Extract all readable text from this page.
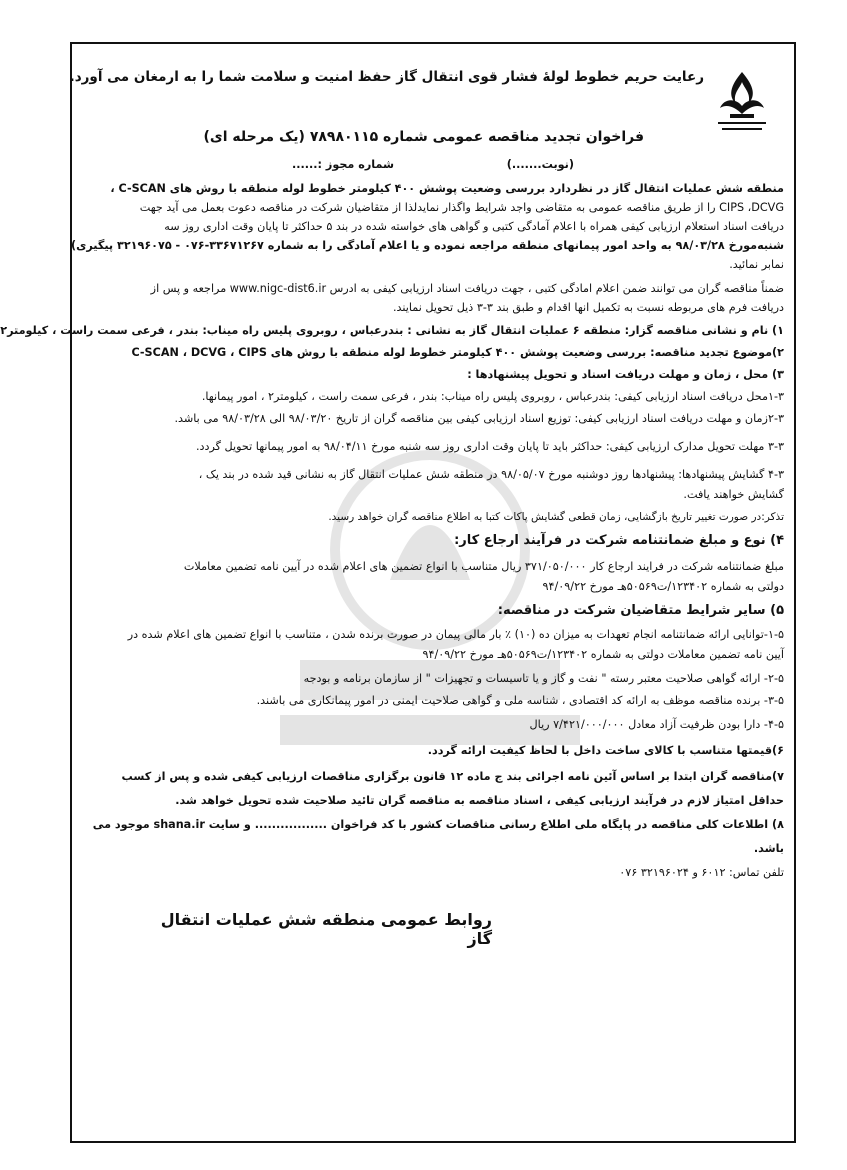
رعایت حریم خطوط لولۀ فشار قوی انتقال گاز حفظ امنیت و سلامت شما را به ارمغان می آورد.
فراخوان تجدید مناقصه عمومی شماره ۷۸۹۸۰۱۱۵ (یک مرحله ای)
(نوبت.......)
شماره مجوز :......
منطقه شش عملیات انتقال گاز در نظردارد بررسی وضعیت پوشش ۴۰۰ کیلومتر خطوط لوله منطقه با روش های C-SCAN ،
CIPS ،DCVG را از طریق مناقصه عمومی به متقاضی واجد شرایط واگذار نمایدلذا از متقاضیان شرکت در مناقصه دعوت بعمل می آید جهت
دریافت اسناد استعلام ارزیابی کیفی همراه با اعلام آمادگی کتبی و گواهی های خواسته شده در بند ۵ حداکثر تا پایان وقت اداری روز سه
شنبه‌مورخ ۹۸/۰۳/۲۸ به واحد امور پیمانهای منطقه مراجعه نموده و یا اعلام آمادگی را به شماره ۳۳۶۷۱۲۶۷-۰۷۶ - ۳۲۱۹۶۰۷۵ پیگیری)
نمابر نمائید.
ضمناً مناقصه گران می توانند ضمن اعلام امادگی کتبی ، جهت دریافت اسناد ارزیابی کیفی به ادرس www.nigc-dist6.ir مراجعه و پس از
دریافت فرم های مربوطه نسبت به تکمیل انها اقدام و طبق بند ۳-۳ ذیل تحویل نمایند.
۱) نام و نشانی مناقصه گزار: منطقه ۶ عملیات انتقال گاز به نشانی : بندرعباس ، روبروی پلیس راه میناب: بندر ، فرعی سمت راست ، کیلومتر۲
۲)موضوع تجدید مناقصه: بررسی وضعیت پوشش ۴۰۰ کیلومتر خطوط لوله منطقه با روش های C-SCAN ، DCVG ، CIPS
۳) محل ، زمان و مهلت دریافت اسناد و تحویل پیشنهادها :
۱-۳محل دریافت اسناد ارزیابی کیفی: بندرعباس ، روبروی پلیس راه میناب: بندر ، فرعی سمت راست ، کیلومتر۲ ، امور پیمانها.
۲-۳زمان و مهلت دریافت اسناد ارزیابی کیفی: توزیع اسناد ارزیابی کیفی بین مناقصه گران از تاریخ ۹۸/۰۳/۲۰ الی ۹۸/۰۳/۲۸ می باشد.
۳-۳ مهلت تحویل مدارک ارزیابی کیفی: حداکثر باید تا پایان وقت اداری روز سه شنبه مورخ ۹۸/۰۴/۱۱ به امور پیمانها تحویل گردد.
۴-۳ گشایش پیشنهادها: پیشنهادها روز دوشنبه مورخ ۹۸/۰۵/۰۷ در منطقه شش عملیات انتقال گاز به نشانی قید شده در بند یک ،
گشایش خواهند یافت.
تذکر:در صورت تغییر تاریخ بازگشایی، زمان قطعی گشایش پاکات کتبا به اطلاع مناقصه گران خواهد رسید.
۴) نوع و مبلغ ضمانتنامه شرکت در فرآیند ارجاع کار:
مبلغ ضمانتنامه شرکت در فرایند ارجاع کار ۳۷۱/۰۵۰/۰۰۰ ریال متناسب با انواع تضمین های اعلام شده در آیین نامه تضمین معاملات
دولتی به شماره ۱۲۳۴۰۲/ت۵۰۵۶۹هـ مورخ ۹۴/۰۹/۲۲
۵) سایر شرایط متقاضیان شرکت در مناقصه:
۱-۵-توانایی ارائه ضمانتنامه انجام تعهدات به میزان ده (۱۰) ٪ بار مالی پیمان در صورت برنده شدن ، متناسب با انواع تضمین های اعلام شده در
آیین نامه تضمین معاملات دولتی به شماره ۱۲۳۴۰۲/ت۵۰۵۶۹هـ مورخ ۹۴/۰۹/۲۲
۲-۵- ارائه گواهی صلاحیت معتبر رسته " نفت و گاز و یا تاسیسات و تجهیزات " از سازمان برنامه و بودجه
۳-۵- برنده مناقصه موظف به ارائه کد اقتصادی ، شناسه ملی و گواهی صلاحیت ایمنی در امور پیمانکاری می باشند.
۴-۵- دارا بودن ظرفیت آزاد معادل ۷/۴۲۱/۰۰۰/۰۰۰ ریال
۶)قیمتها متناسب با کالای ساخت داخل با لحاظ کیفیت ارائه گردد.
۷)مناقصه گران ابتدا بر اساس آئین نامه اجرائی بند ج ماده ۱۲ قانون برگزاری مناقصات ارزیابی کیفی شده و پس از کسب
حداقل امتیاز لازم در فرآیند ارزیابی کیفی ، اسناد مناقصه به مناقصه گران تائید صلاحیت شده تحویل خواهد شد.
۸) اطلاعات کلی مناقصه در پایگاه ملی اطلاع رسانی مناقصات کشور با کد فراخوان ................. و سایت shana.ir موجود می
باشد.
تلفن تماس: ۶۰۱۲ و ۳۲۱۹۶۰۲۴ ۰۷۶
روابط عمومی منطقه شش عملیات انتقال گاز
